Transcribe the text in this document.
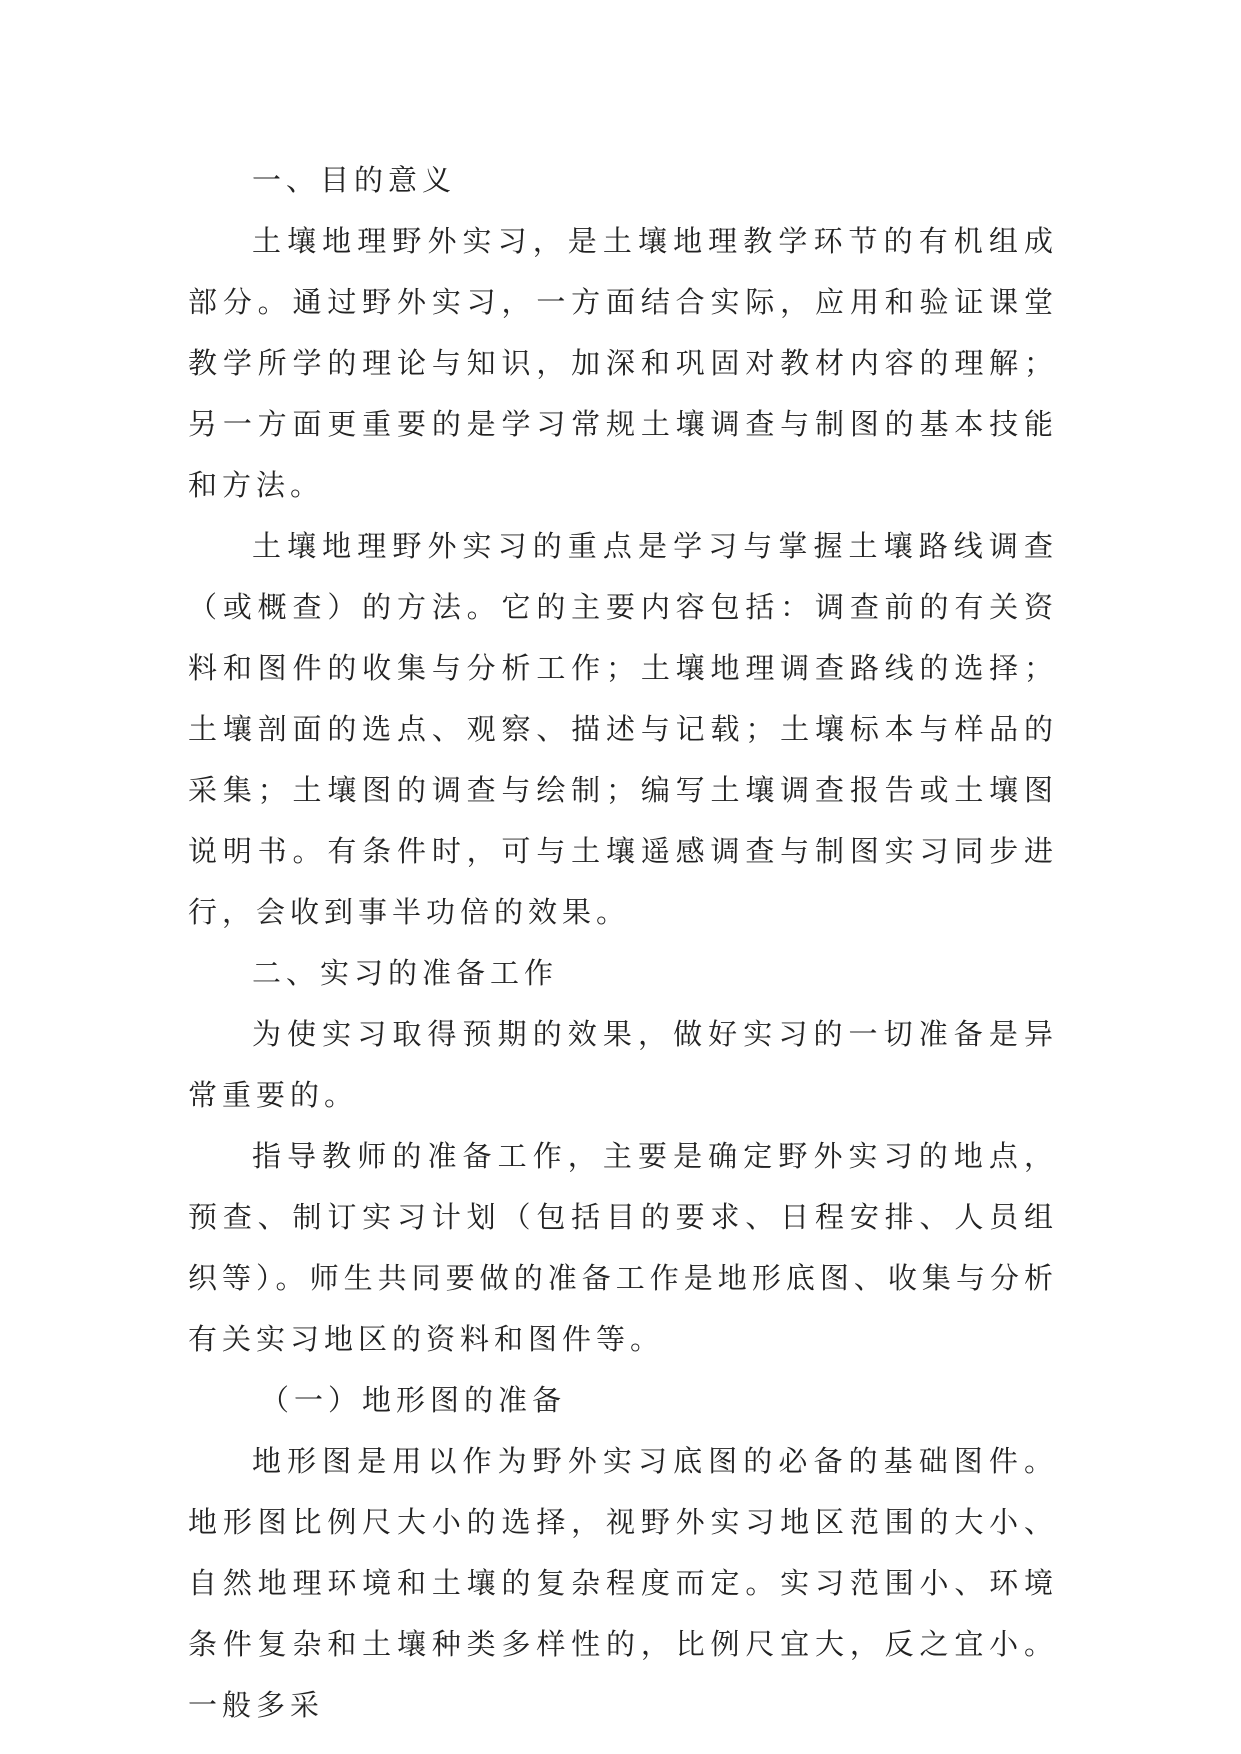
一、目的意义

土壤地理野外实习，是土壤地理教学环节的有机组成部分。通过野外实习，一方面结合实际，应用和验证课堂教学所学的理论与知识，加深和巩固对教材内容的理解；另一方面更重要的是学习常规土壤调查与制图的基本技能和方法。

土壤地理野外实习的重点是学习与掌握土壤路线调查（或概查）的方法。它的主要内容包括：调查前的有关资料和图件的收集与分析工作；土壤地理调查路线的选择；土壤剖面的选点、观察、描述与记载；土壤标本与样品的采集；土壤图的调查与绘制；编写土壤调查报告或土壤图说明书。有条件时，可与土壤遥感调查与制图实习同步进行，会收到事半功倍的效果。

二、实习的准备工作

为使实习取得预期的效果，做好实习的一切准备是异常重要的。

指导教师的准备工作，主要是确定野外实习的地点，预查、制订实习计划（包括目的要求、日程安排、人员组织等）。师生共同要做的准备工作是地形底图、收集与分析有关实习地区的资料和图件等。

（一）地形图的准备

地形图是用以作为野外实习底图的必备的基础图件。地形图比例尺大小的选择，视野外实习地区范围的大小、自然地理环境和土壤的复杂程度而定。实习范围小、环境条件复杂和土壤种类多样性的，比例尺宜大，反之宜小。一般多采
